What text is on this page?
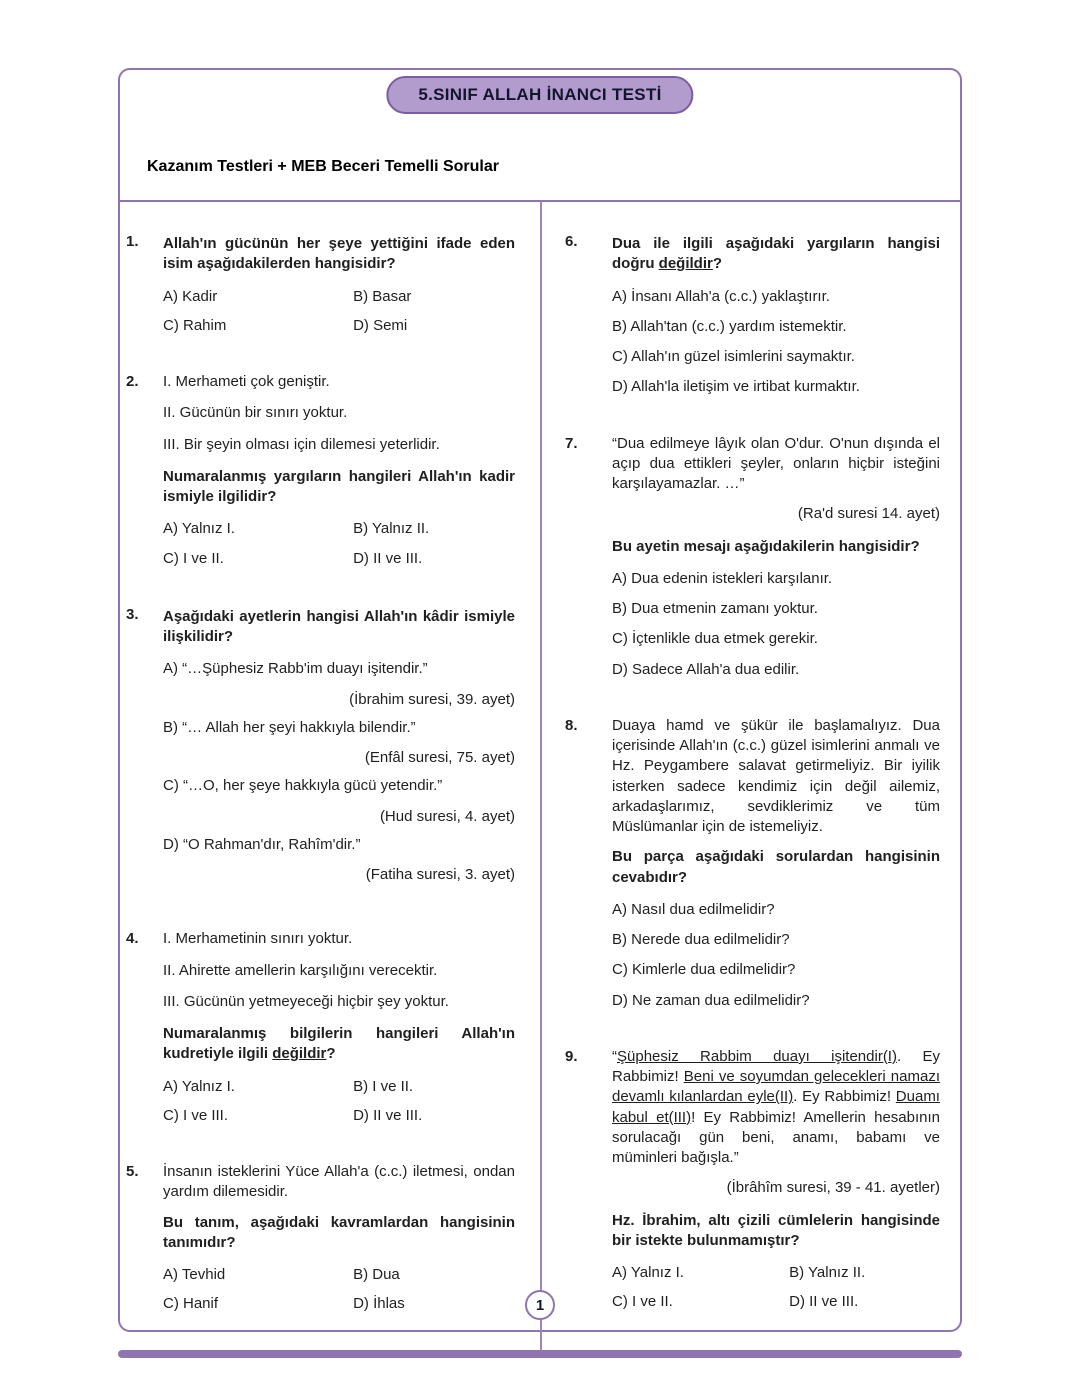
5.SINIF ALLAH İNANCI TESTİ
Kazanım Testleri + MEB Beceri Temelli Sorular
1.	Allah'ın gücünün her şeye yettiğini ifade eden isim aşağıdakilerden hangisidir?
A) Kadir	B) Basar
C) Rahim	D) Semi
2.	I. Merhameti çok geniştir.
II. Gücünün bir sınırı yoktur.
III. Bir şeyin olması için dilemesi yeterlidir.
Numaralanmış yargıların hangileri Allah'ın kadir ismiyle ilgilidir?
A) Yalnız I.	B) Yalnız II.
C) I ve II.	D) II ve III.
3.	Aşağıdaki ayetlerin hangisi Allah'ın kâdir ismiyle ilişkilidir?
A) “…Şüphesiz Rabb'im duayı işitendir.”
(İbrahim suresi, 39. ayet)
B) “… Allah her şeyi hakkıyla bilendir.”
(Enfâl suresi, 75. ayet)
C) “…O, her şeye hakkıyla gücü yetendir.”
(Hud suresi, 4. ayet)
D) “O Rahman'dır, Rahîm'dir.”
(Fatiha suresi, 3. ayet)
4.	I. Merhametinin sınırı yoktur.
II. Ahirette amellerin karşılığını verecektir.
III. Gücünün yetmeyeceği hiçbir şey yoktur.
Numaralanmış bilgilerin hangileri Allah'ın kudretiyle ilgili değildir?
A) Yalnız I.	B) I ve II.
C) I ve III.	D) II ve III.
5.	İnsanın isteklerini Yüce Allah'a (c.c.) iletmesi, ondan yardım dilemesidir.
Bu tanım, aşağıdaki kavramlardan hangisinin tanımıdır?
A) Tevhid	B) Dua
C) Hanif	D) İhlas
6.	Dua ile ilgili aşağıdaki yargıların hangisi doğru değildir?
A) İnsanı Allah'a (c.c.) yaklaştırır.
B) Allah'tan (c.c.) yardım istemektir.
C) Allah'ın güzel isimlerini saymaktır.
D) Allah'la iletişim ve irtibat kurmaktır.
7.	“Dua edilmeye lâyık olan O'dur. O'nun dışında el açıp dua ettikleri şeyler, onların hiçbir isteğini karşılayamazlar. …”
(Ra'd suresi 14. ayet)
Bu ayetin mesajı aşağıdakilerin hangisidir?
A) Dua edenin istekleri karşılanır.
B) Dua etmenin zamanı yoktur.
C) İçtenlikle dua etmek gerekir.
D) Sadece Allah'a dua edilir.
8.	Duaya hamd ve şükür ile başlamalıyız. Dua içerisinde Allah'ın (c.c.) güzel isimlerini anmalı ve Hz. Peygambere salavat getirmeliyiz. Bir iyilik isterken sadece kendimiz için değil ailemiz, arkadaşlarımız, sevdiklerimiz ve tüm Müslümanlar için de istemeliyiz.
Bu parça aşağıdaki sorulardan hangisinin cevabıdır?
A) Nasıl dua edilmelidir?
B) Nerede dua edilmelidir?
C) Kimlerle dua edilmelidir?
D) Ne zaman dua edilmelidir?
9.	“Şüphesiz Rabbim duayı işitendir(I). Ey Rabbimiz! Beni ve soyumdan gelecekleri namazı devamlı kılanlardan eyle(II). Ey Rabbimiz! Duamı kabul et(III)! Ey Rabbimiz! Amellerin hesabının sorulacağı gün beni, anamı, babamı ve müminleri bağışla.”
(İbrâhîm suresi, 39 - 41. ayetler)
Hz. İbrahim, altı çizili cümlelerin hangisinde bir istekte bulunmamıştır?
A) Yalnız I.	B) Yalnız II.
C) I ve II.	D) II ve III.
1
